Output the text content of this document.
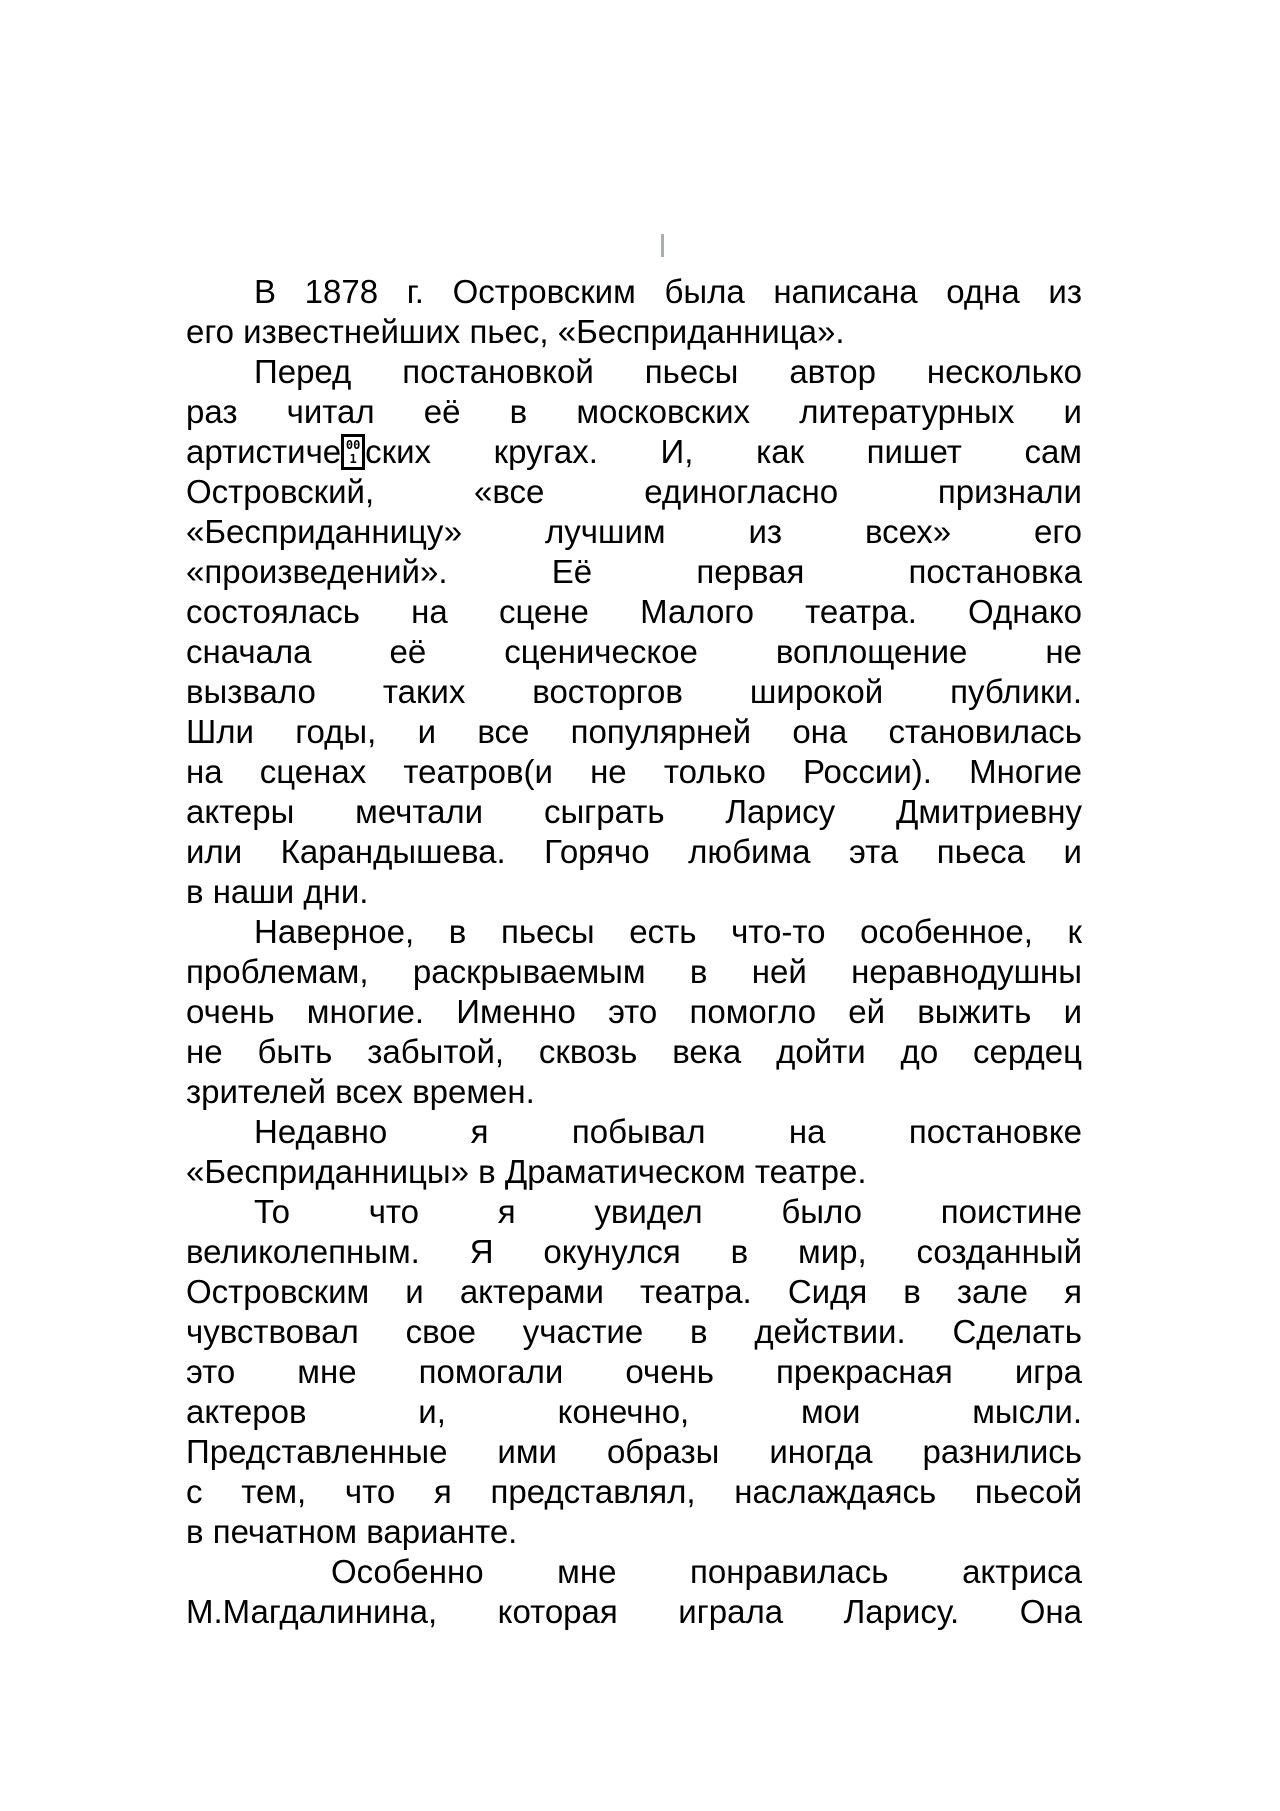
В 1878 г. Островским была написана одна из
его известнейших пьес, «Бесприданница».
Перед постановкой пьесы автор несколько
раз читал её в московских литературных и
артистиче 00
1 ских кругах. И, как пишет сам
Островский, «все единогласно признали
«Бесприданницу» лучшим из всех» его
«произведений». Её первая постановка
состоялась на сцене Малого театра. Однако
сначала её сценическое воплощение не
вызвало таких восторгов широкой публики.
Шли годы, и все популярней она становилась
на сценах театров(и не только России). Многие
актеры мечтали сыграть Ларису Дмитриевну
или Карандышева. Горячо любима эта пьеса и
в наши дни.
Наверное, в пьесы есть что-то особенное, к
проблемам, раскрываемым в ней неравнодушны
очень многие. Именно это помогло ей выжить и
не быть забытой, сквозь века дойти до сердец
зрителей всех времен.
Недавно я побывал на постановке
«Бесприданницы» в Драматическом театре.
То что я увидел было поистине
великолепным. Я окунулся в мир, созданный
Островским и актерами театра. Сидя в зале я
чувствовал свое участие в действии. Сделать
это мне помогали очень прекрасная игра
актеров и, конечно, мои мысли.
Представленные ими образы иногда разнились
с тем, что я представлял, наслаждаясь пьесой
в печатном варианте.
Особенно мне понравилась актриса
М.Магдалинина, которая играла Ларису. Она
